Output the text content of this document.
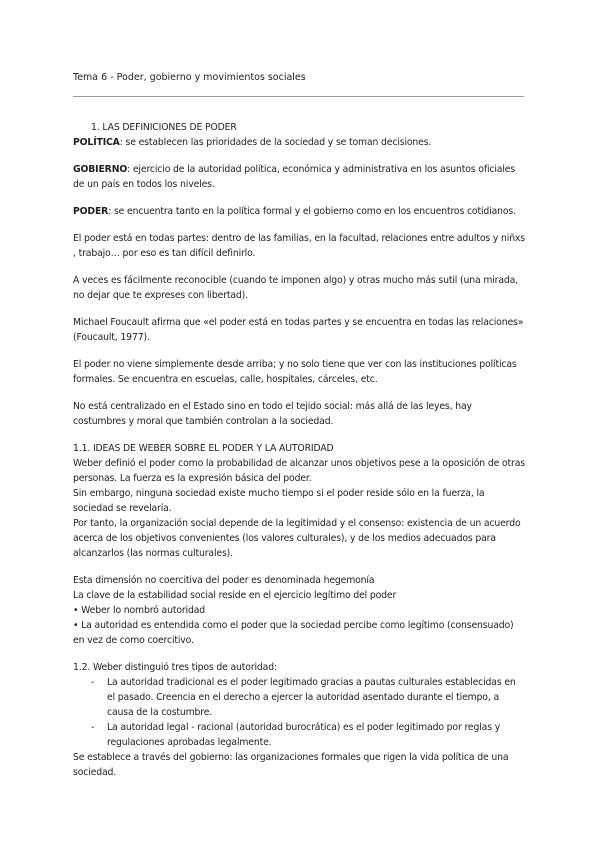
Tema 6 - Poder, gobierno y movimientos sociales

1. LAS DEFINICIONES DE PODER

POLÍTICA: se establecen las prioridades de la sociedad y se toman decisiones.

GOBIERNO: ejercicio de la autoridad política, económica y administrativa en los asuntos oficiales de un país en todos los niveles.

PODER: se encuentra tanto en la política formal y el gobierno como en los encuentros cotidianos.

El poder está en todas partes: dentro de las familias, en la facultad, relaciones entre adultos y niñxs , trabajo… por eso es tan difícil definirlo.

A veces es fácilmente reconocible (cuando te imponen algo) y otras mucho más sutil (una mirada, no dejar que te expreses con libertad).

Michael Foucault afirma que «el poder está en todas partes y se encuentra en todas las relaciones» (Foucault, 1977).

El poder no viene simplemente desde arriba; y no solo tiene que ver con las instituciones políticas formales. Se encuentra en escuelas, calle, hospitales, cárceles, etc.

No está centralizado en el Estado sino en todo el tejido social: más allá de las leyes, hay costumbres y moral que también controlan a la sociedad.

1.1. IDEAS DE WEBER SOBRE EL PODER Y LA AUTORIDAD

Weber definió el poder como la probabilidad de alcanzar unos objetivos pese a la oposición de otras personas. La fuerza es la expresión básica del poder.

Sin embargo, ninguna sociedad existe mucho tiempo si el poder reside sólo en la fuerza, la sociedad se revelaría.

Por tanto, la organización social depende de la legitimidad y el consenso: existencia de un acuerdo acerca de los objetivos convenientes (los valores culturales), y de los medios adecuados para alcanzarlos (las normas culturales).

Esta dimensión no coercitiva del poder es denominada hegemonía

La clave de la estabilidad social reside en el ejercicio legítimo del poder

• Weber lo nombró autoridad

• La autoridad es entendida como el poder que la sociedad percibe como legítimo (consensuado) en vez de como coercitivo.

1.2. Weber distinguió tres tipos de autoridad:

- La autoridad tradicional es el poder legitimado gracias a pautas culturales establecidas en el pasado. Creencia en el derecho a ejercer la autoridad asentado durante el tiempo, a causa de la costumbre.
- La autoridad legal - racional (autoridad burocrática) es el poder legitimado por reglas y regulaciones aprobadas legalmente.

Se establece a través del gobierno: las organizaciones formales que rigen la vida política de una sociedad.
